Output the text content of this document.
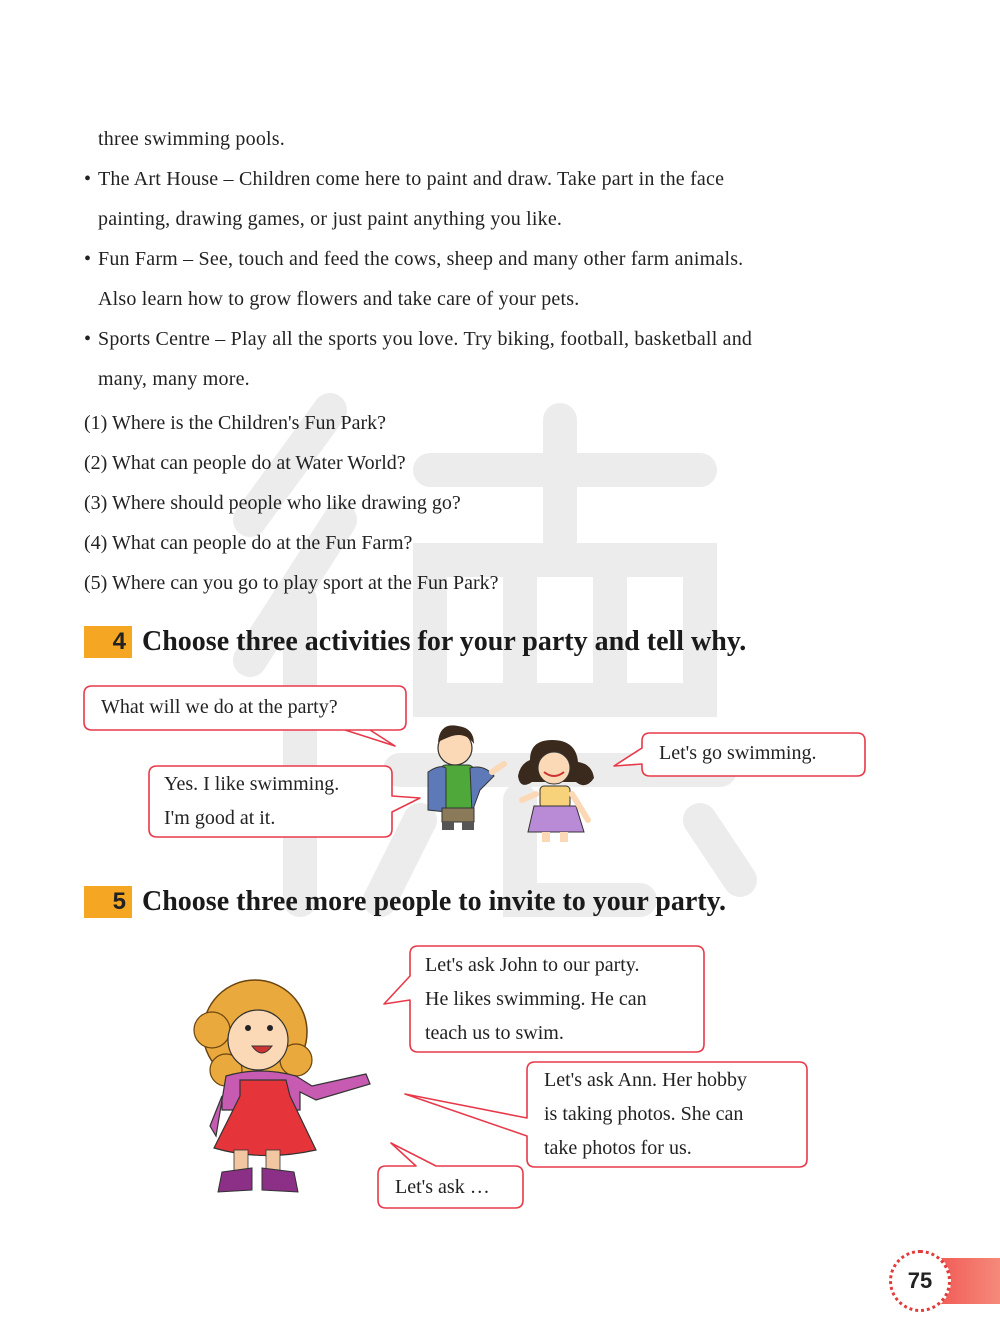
three swimming pools.
• The Art House – Children come here to paint and draw. Take part in the face
painting, drawing games, or just paint anything you like.
• Fun Farm – See, touch and feed the cows, sheep and many other farm animals.
Also learn how to grow flowers and take care of your pets.
• Sports Centre – Play all the sports you love. Try biking, football, basketball and
many, many more.
(1) Where is the Children's Fun Park?
(2) What can people do at Water World?
(3) Where should people who like drawing go?
(4) What can people do at the Fun Farm?
(5) Where can you go to play sport at the Fun Park?
4 Choose three activities for your party and tell why.
5 Choose three more people to invite to your party.
What will we do at the party?
Let's go swimming.
Yes. I like swimming.
I'm good at it.
Let's ask John to our party.
He likes swimming. He can
teach us to swim.
Let's ask Ann. Her hobby
is taking photos. She can
take photos for us.
Let's ask …
75
